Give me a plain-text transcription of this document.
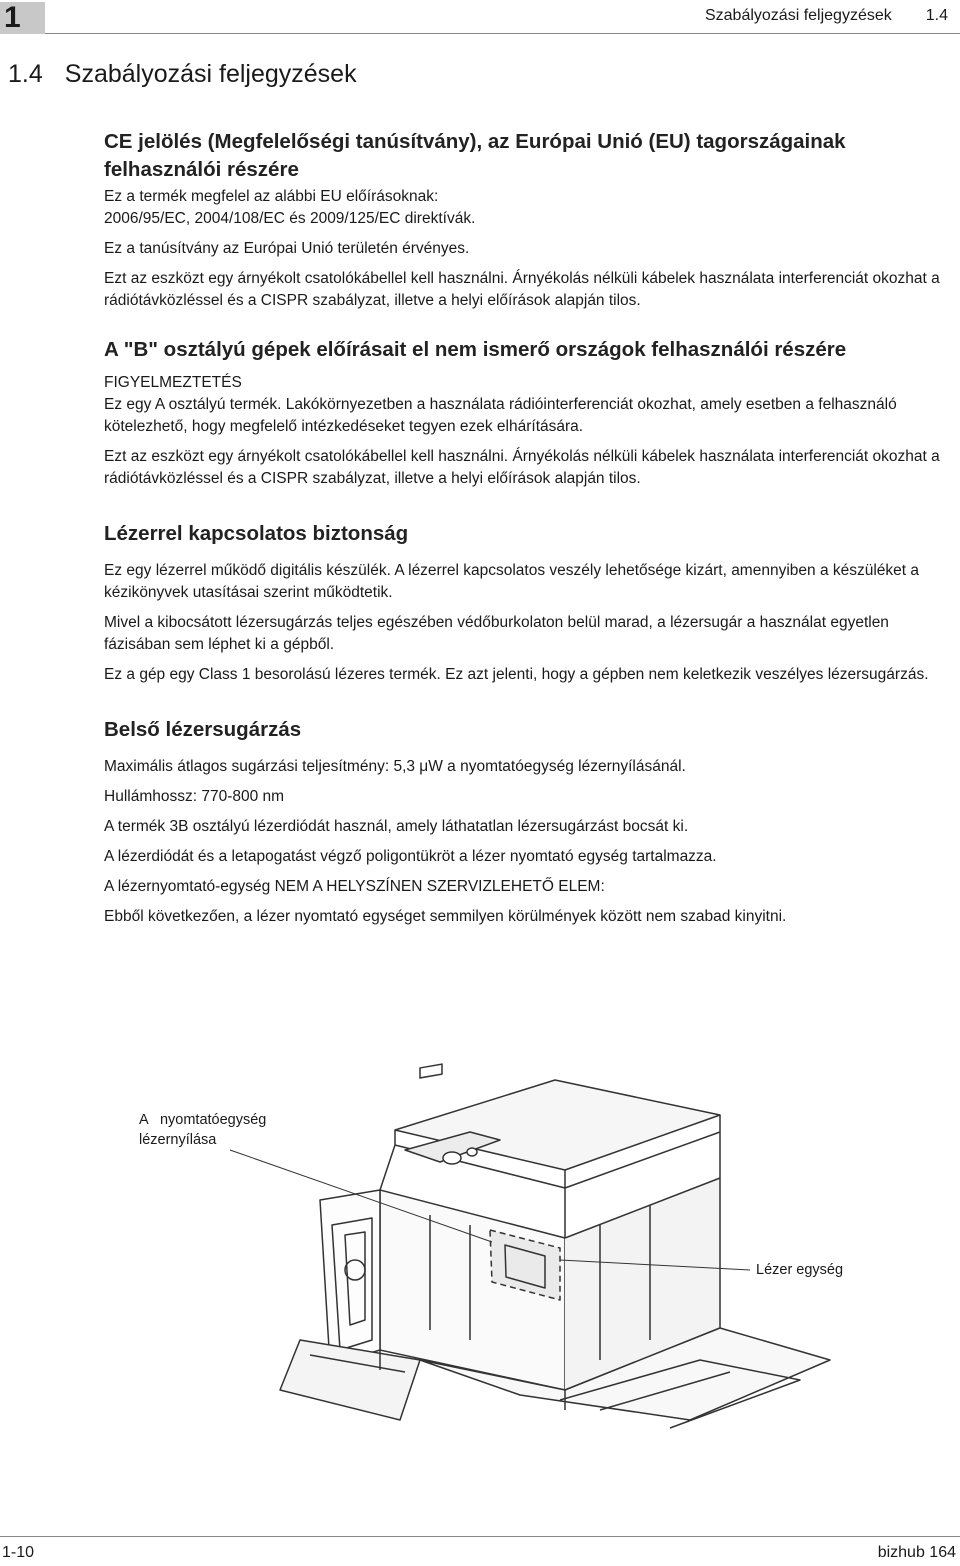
1	Szabályozási feljegyzések 1.4
1.4 Szabályozási feljegyzések
CE jelölés (Megfelelőségi tanúsítvány), az Európai Unió (EU) tagországainak felhasználói részére

Ez a termék megfelel az alábbi EU előírásoknak:

2006/95/EC, 2004/108/EC és 2009/125/EC direktívák.

Ez a tanúsítvány az Európai Unió területén érvényes.

Ezt az eszközt egy árnyékolt csatolókábellel kell használni. Árnyékolás nélküli kábelek használata interferenciát okozhat a rádiótávközléssel és a CISPR szabályzat, illetve a helyi előírások alapján tilos.

A "B" osztályú gépek előírásait el nem ismerő országok felhasználói részére

FIGYELMEZTETÉS

Ez egy A osztályú termék. Lakókörnyezetben a használata rádióinterferenciát okozhat, amely esetben a felhasználó kötelezhető, hogy megfelelő intézkedéseket tegyen ezek elhárítására.

Ezt az eszközt egy árnyékolt csatolókábellel kell használni. Árnyékolás nélküli kábelek használata interferenciát okozhat a rádiótávközléssel és a CISPR szabályzat, illetve a helyi előírások alapján tilos.

Lézerrel kapcsolatos biztonság

Ez egy lézerrel működő digitális készülék. A lézerrel kapcsolatos veszély lehetősége kizárt, amennyiben a készüléket a kézikönyvek utasításai szerint működtetik.

Mivel a kibocsátott lézersugárzás teljes egészében védőburkolaton belül marad, a lézersugár a használat egyetlen fázisában sem léphet ki a gépből.

Ez a gép egy Class 1 besorolású lézeres termék. Ez azt jelenti, hogy a gépben nem keletkezik veszélyes lézersugárzás.

Belső lézersugárzás

Maximális átlagos sugárzási teljesítmény: 5,3 μW a nyomtatóegység lézernyílásánál.

Hullámhossz: 770-800 nm

A termék 3B osztályú lézerdiódát használ, amely láthatatlan lézersugárzást bocsát ki.

A lézerdiódát és a letapogatást végző poligontükröt a lézer nyomtató egység tartalmazza.

A lézernyomtató-egység NEM A HELYSZÍNEN SZERVIZLEHETŐ ELEM:

Ebből következően, a lézer nyomtató egységet semmilyen körülmények között nem szabad kinyitni.

A   nyomtatóegység
lézernyílása
Lézer egység
1-10	bizhub 164
